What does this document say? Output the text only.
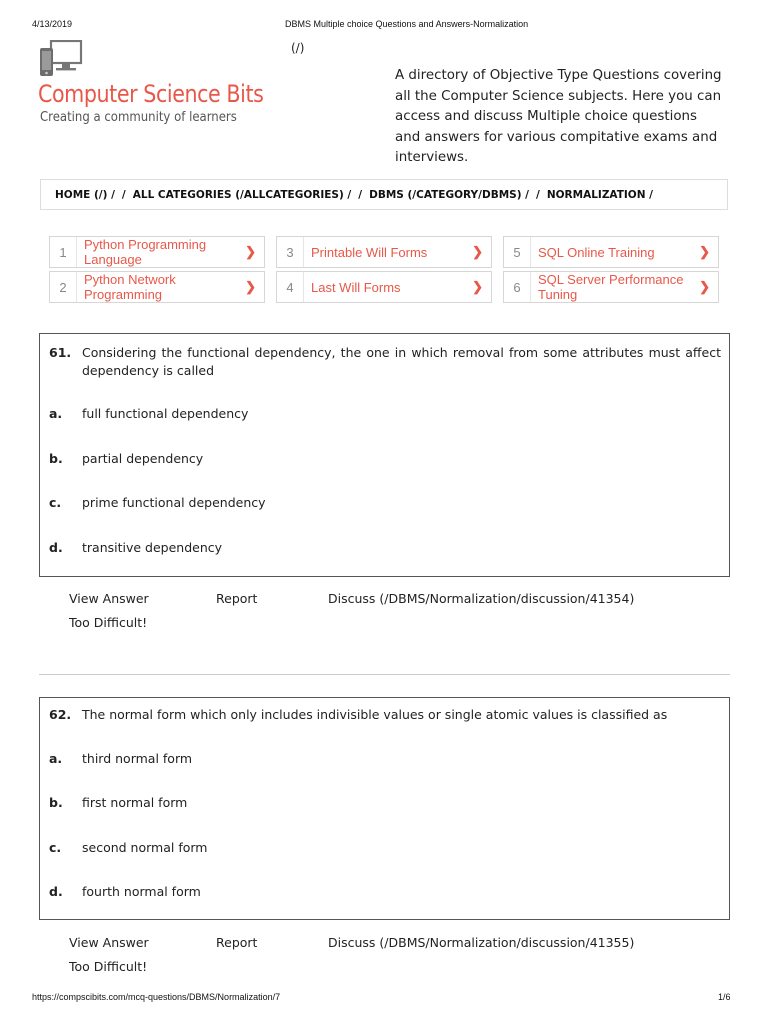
4/13/2019	DBMS Multiple choice Questions and Answers-Normalization
(/)
Computer Science Bits
Creating a community of learners
A directory of Objective Type Questions covering all the Computer Science subjects. Here you can access and discuss Multiple choice questions and answers for various compitative exams and interviews.
HOME (/) / / ALL CATEGORIES (/ALLCATEGORIES) / / DBMS (/CATEGORY/DBMS) / / NORMALIZATION /
1	Python Programming Language
❯
2	Python Network Programming
❯
3	Printable Will Forms	❯
4	Last Will Forms	❯
5	SQL Online Training	❯
6	SQL Server Performance Tuning
❯
61. Considering the functional dependency, the one in which removal from some attributes must affect dependency is called
a. full functional dependency
b. partial dependency
c. prime functional dependency
d. transitive dependency
View Answer	Report	Discuss (/DBMS/Normalization/discussion/41354)
Too Difficult!
62. The normal form which only includes indivisible values or single atomic values is classified as
a. third normal form
b. first normal form
c. second normal form
d. fourth normal form
View Answer	Report	Discuss (/DBMS/Normalization/discussion/41355)
Too Difficult!
https://compscibits.com/mcq-questions/DBMS/Normalization/7	1/6
